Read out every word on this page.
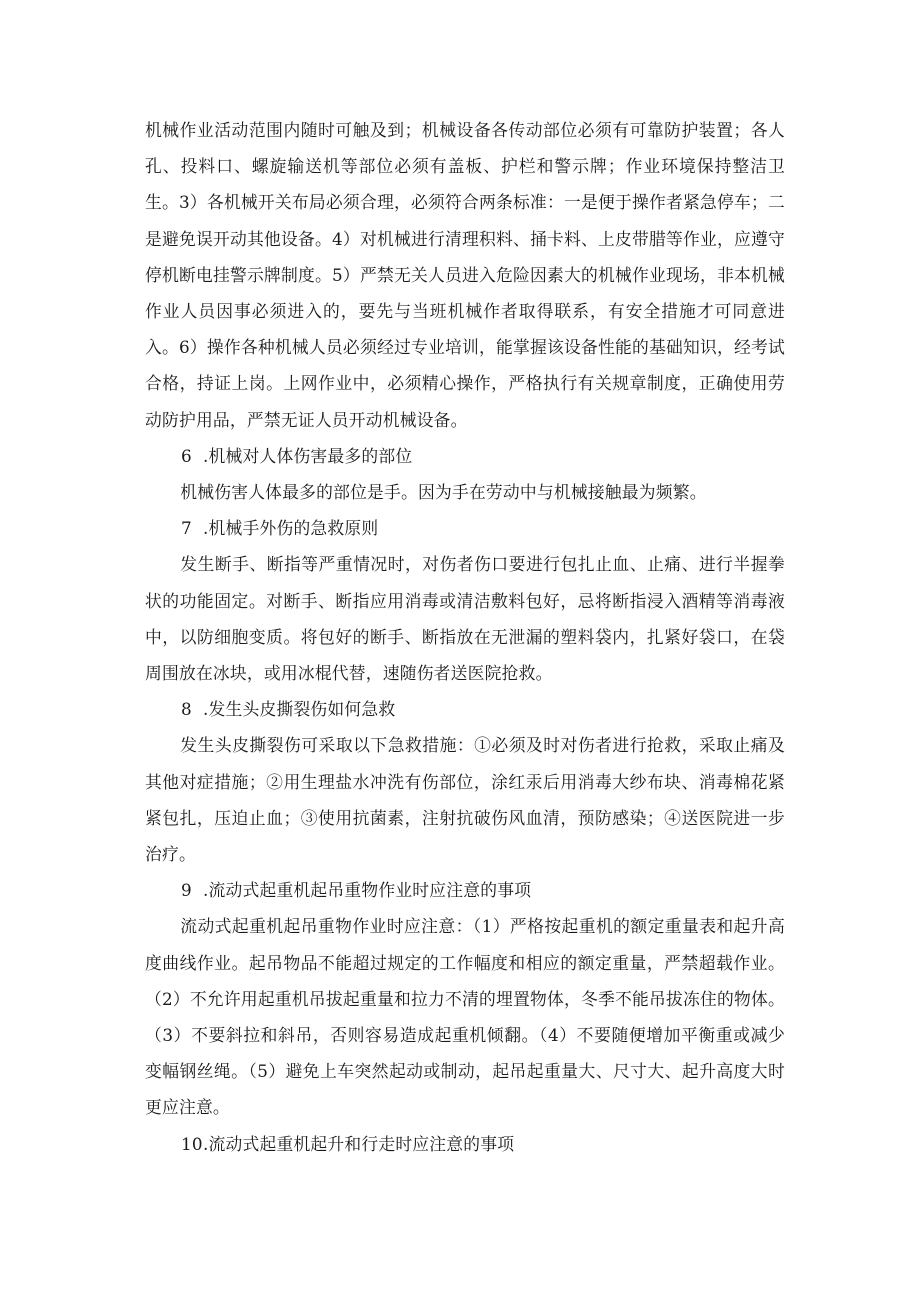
机械作业活动范围内随时可触及到；机械设备各传动部位必须有可靠防护装置；各人孔、投料口、螺旋输送机等部位必须有盖板、护栏和警示牌；作业环境保持整洁卫生。3）各机械开关布局必须合理，必须符合两条标准：一是便于操作者紧急停车；二是避免误开动其他设备。4）对机械进行清理积料、捅卡料、上皮带腊等作业，应遵守停机断电挂警示牌制度。5）严禁无关人员进入危险因素大的机械作业现场，非本机械作业人员因事必须进入的，要先与当班机械作者取得联系，有安全措施才可同意进入。6）操作各种机械人员必须经过专业培训，能掌握该设备性能的基础知识，经考试合格，持证上岗。上网作业中，必须精心操作，严格执行有关规章制度，正确使用劳动防护用品，严禁无证人员开动机械设备。

6 .机械对人体伤害最多的部位

机械伤害人体最多的部位是手。因为手在劳动中与机械接触最为频繁。

7 .机械手外伤的急救原则

发生断手、断指等严重情况时，对伤者伤口要进行包扎止血、止痛、进行半握拳状的功能固定。对断手、断指应用消毒或清洁敷料包好，忌将断指浸入酒精等消毒液中，以防细胞变质。将包好的断手、断指放在无泄漏的塑料袋内，扎紧好袋口，在袋周围放在冰块，或用冰棍代替，速随伤者送医院抢救。

8 .发生头皮撕裂伤如何急救

发生头皮撕裂伤可采取以下急救措施：①必须及时对伤者进行抢救，采取止痛及其他对症措施；②用生理盐水冲洗有伤部位，涂红汞后用消毒大纱布块、消毒棉花紧紧包扎，压迫止血；③使用抗菌素，注射抗破伤风血清，预防感染；④送医院进一步治疗。

9 .流动式起重机起吊重物作业时应注意的事项

流动式起重机起吊重物作业时应注意：（1）严格按起重机的额定重量表和起升高度曲线作业。起吊物品不能超过规定的工作幅度和相应的额定重量，严禁超载作业。（2）不允许用起重机吊拔起重量和拉力不清的埋置物体，冬季不能吊拔冻住的物体。（3）不要斜拉和斜吊，否则容易造成起重机倾翻。（4）不要随便增加平衡重或减少变幅钢丝绳。（5）避免上车突然起动或制动，起吊起重量大、尺寸大、起升高度大时更应注意。

10.流动式起重机起升和行走时应注意的事项
